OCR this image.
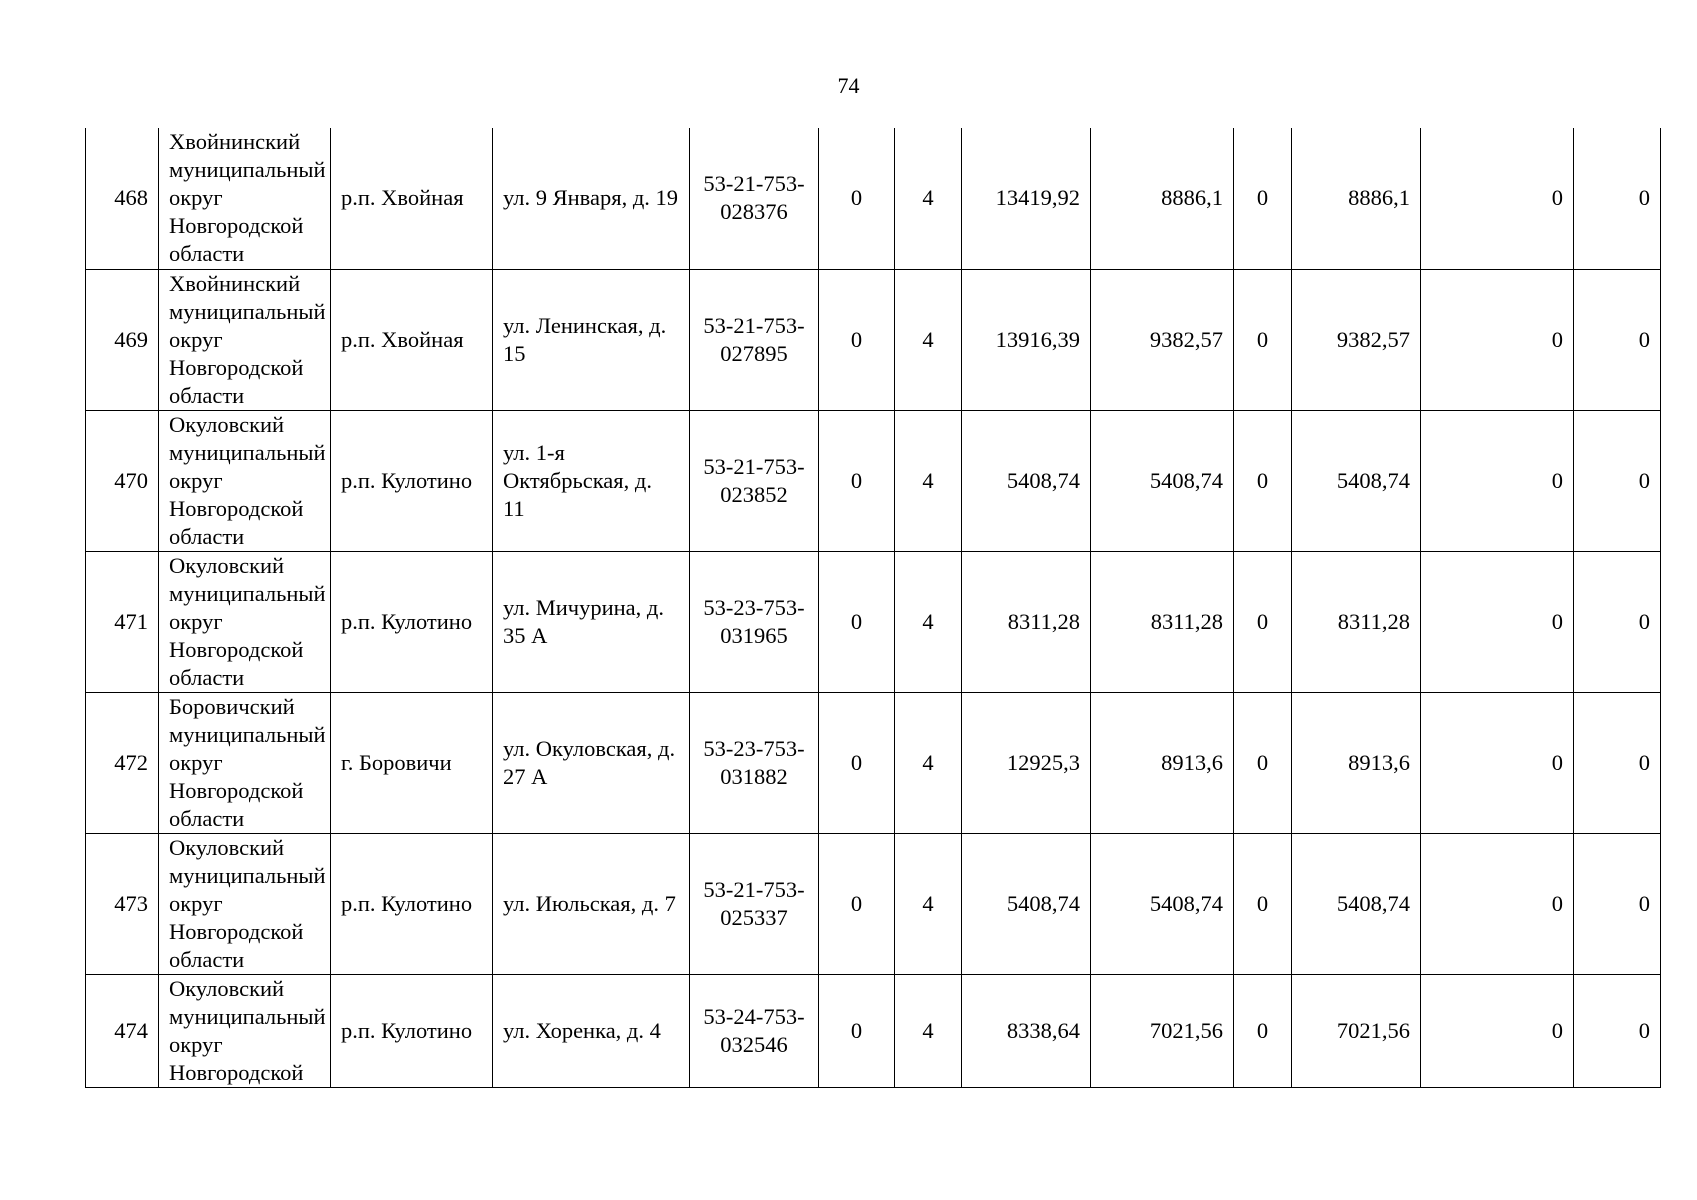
74
468	Хвойнинский муниципальный округ Новгородской области	р.п. Хвойная	ул. 9 Января, д. 19	53-21-753-028376	0	4	13419,92	8886,1	0	8886,1	0	0
469	Хвойнинский муниципальный округ Новгородской области	р.п. Хвойная	ул. Ленинская, д. 15	53-21-753-027895	0	4	13916,39	9382,57	0	9382,57	0	0
470	Окуловский муниципальный округ Новгородской области	р.п. Кулотино	ул. 1-я Октябрьская, д. 11	53-21-753-023852	0	4	5408,74	5408,74	0	5408,74	0	0
471	Окуловский муниципальный округ Новгородской области	р.п. Кулотино	ул. Мичурина, д. 35 А	53-23-753-031965	0	4	8311,28	8311,28	0	8311,28	0	0
472	Боровичский муниципальный округ Новгородской области	г. Боровичи	ул. Окуловская, д. 27 А	53-23-753-031882	0	4	12925,3	8913,6	0	8913,6	0	0
473	Окуловский муниципальный округ Новгородской области	р.п. Кулотино	ул. Июльская, д. 7	53-21-753-025337	0	4	5408,74	5408,74	0	5408,74	0	0
474	Окуловский муниципальный округ Новгородской	р.п. Кулотино	ул. Хоренка, д. 4	53-24-753-032546	0	4	8338,64	7021,56	0	7021,56	0	0
